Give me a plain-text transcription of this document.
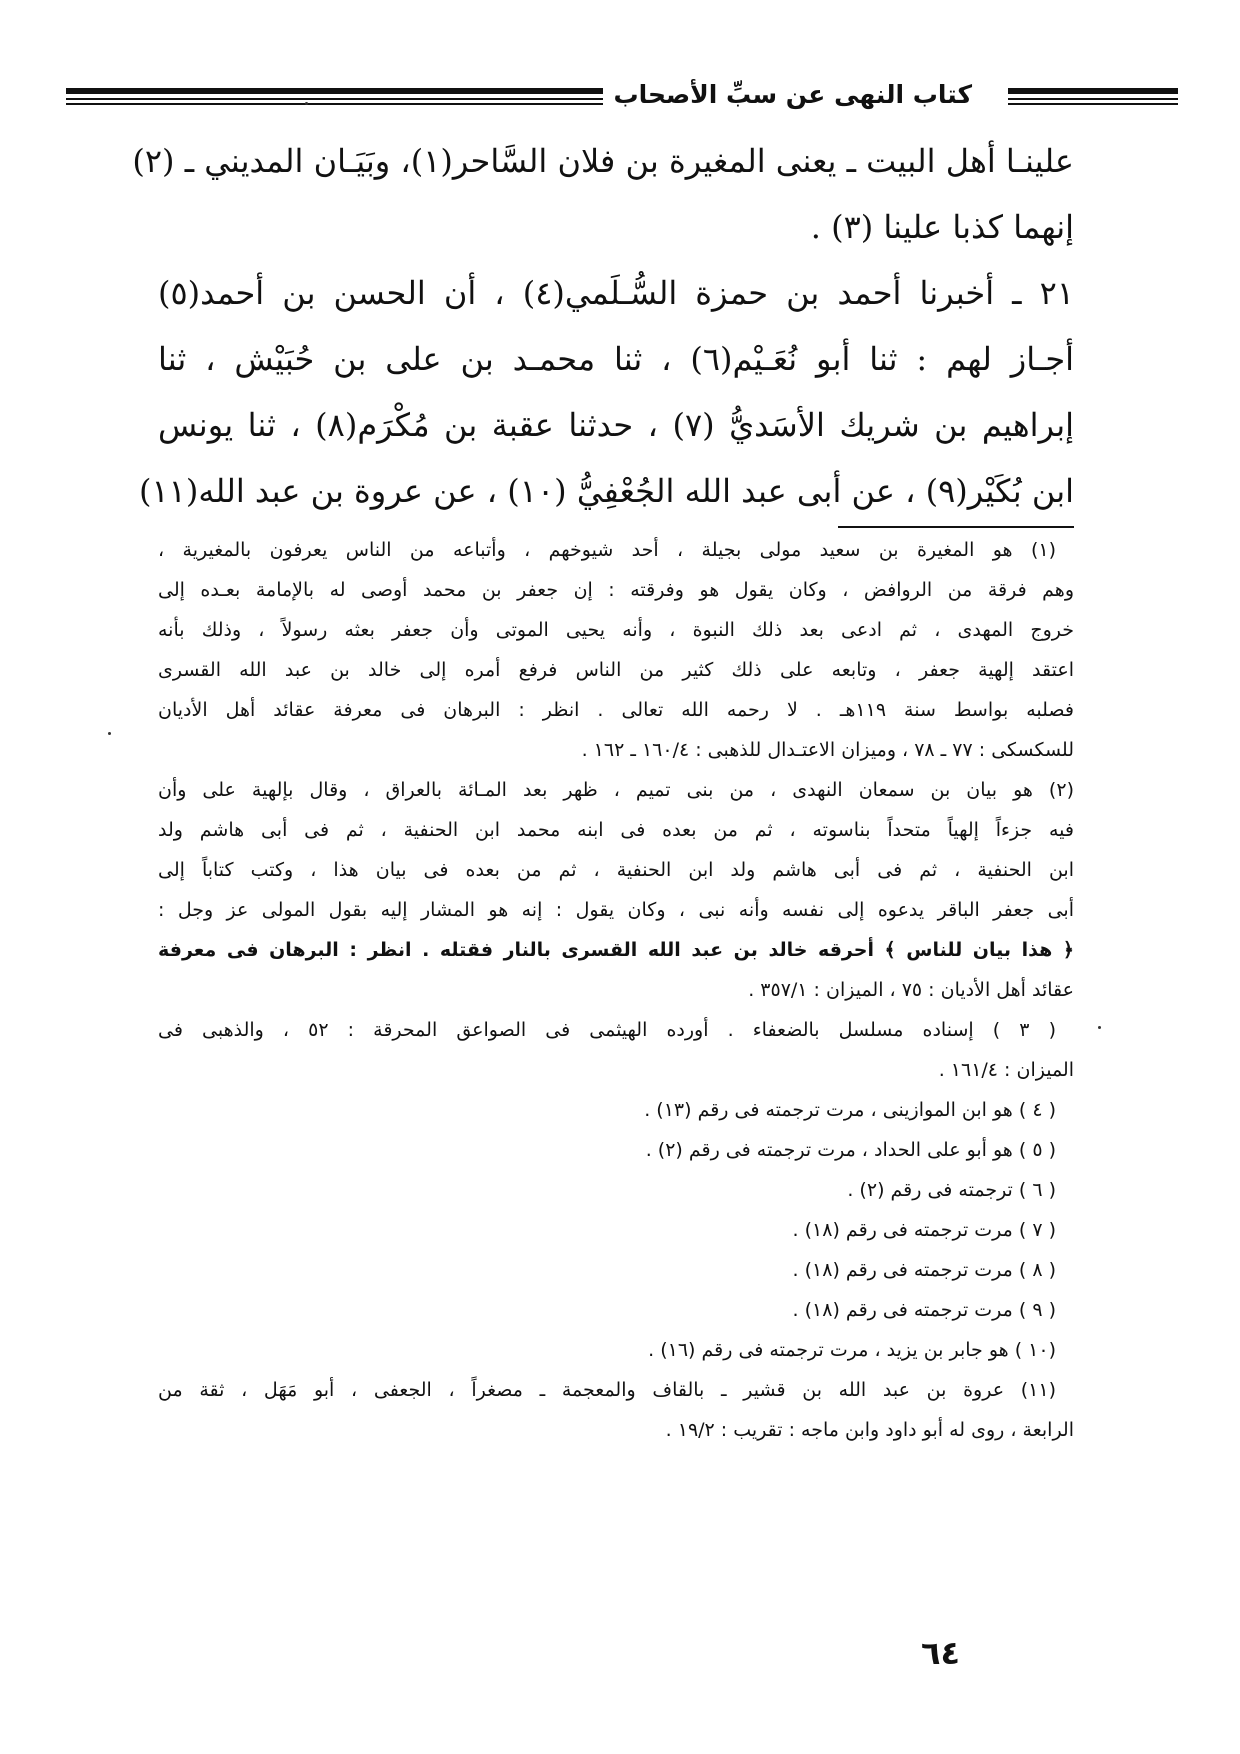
كتاب النهى عن سبِّ الأصحاب
علينـا أهل البيت ـ يعنى المغيرة بن فلان السَّاحر(١)، وبَيَـان المديني ـ (٢)
إنهما كذبا علينا (٣) .
٢١ ـ أخبرنا أحمد بن حمزة السُّـلَمي(٤) ، أن الحسن بن أحمد(٥)
أجـاز لهم : ثنا أبو نُعَـيْم(٦) ، ثنا محمـد بن على بن حُبَيْش ، ثنا
إبراهيم بن شريك الأسَديُّ (٧) ، حدثنا عقبة بن مُكْرَم(٨) ، ثنا يونس
ابن بُكَيْر(٩) ، عن أبى عبد الله الجُعْفِيُّ (١٠) ، عن عروة بن عبد الله(١١)
(١) هو المغيرة بن سعيد مولى بجيلة ، أحد شيوخهم ، وأتباعه من الناس يعرفون بالمغيرية ،
وهم فرقة من الروافض ، وكان يقول هو وفرقته : إن جعفر بن محمد أوصى له بالإمامة بعـده إلى
خروج المهدى ، ثم ادعى بعد ذلك النبوة ، وأنه يحيى الموتى وأن جعفر بعثه رسولاً ، وذلك بأنه
اعتقد إلهية جعفر ، وتابعه على ذلك كثير من الناس فرفع أمره إلى خالد بن عبد الله القسرى
فصلبه بواسط سنة ١١٩هـ . لا رحمه الله تعالى . انظر : البرهان فى معرفة عقائد أهل الأديان
للسكسكى : ٧٧ ـ ٧٨ ، وميزان الاعتـدال للذهبى : ١٦٠/٤ ـ ١٦٢ .
(٢) هو بيان بن سمعان النهدى ، من بنى تميم ، ظهر بعد المـائة بالعراق ، وقال بإلهية على وأن
فيه جزءاً إلهياً متحداً بناسوته ، ثم من بعده فى ابنه محمد ابن الحنفية ، ثم فى أبى هاشم ولد
ابن الحنفية ، ثم فى أبى هاشم ولد ابن الحنفية ، ثم من بعده فى بيان هذا ، وكتب كتاباً إلى
أبى جعفر الباقر يدعوه إلى نفسه وأنه نبى ، وكان يقول : إنه هو المشار إليه بقول المولى عز وجل :
﴿ هذا بيان للناس ﴾ أحرقه خالد بن عبد الله القسرى بالنار فقتله . انظر : البرهان فى معرفة
عقائد أهل الأديان : ٧٥ ، الميزان : ٣٥٧/١ .
( ٣ ) إسناده مسلسل بالضعفاء . أورده الهيثمى فى الصواعق المحرقة : ٥٢ ، والذهبى فى
الميزان : ١٦١/٤ .
( ٤ ) هو ابن الموازينى ، مرت ترجمته فى رقم (١٣) .
( ٥ ) هو أبو على الحداد ، مرت ترجمته فى رقم (٢) .
( ٦ ) ترجمته فى رقم (٢) .
( ٧ ) مرت ترجمته فى رقم (١٨) .
( ٨ ) مرت ترجمته فى رقم (١٨) .
( ٩ ) مرت ترجمته فى رقم (١٨) .
(١٠ ) هو جابر بن يزيد ، مرت ترجمته فى رقم (١٦) .
(١١) عروة بن عبد الله بن قشير ـ بالقاف والمعجمة ـ مصغراً ، الجعفى ، أبو مَهَل ، ثقة من
الرابعة ، روى له أبو داود وابن ماجه : تقريب : ١٩/٢ .
٦٤
